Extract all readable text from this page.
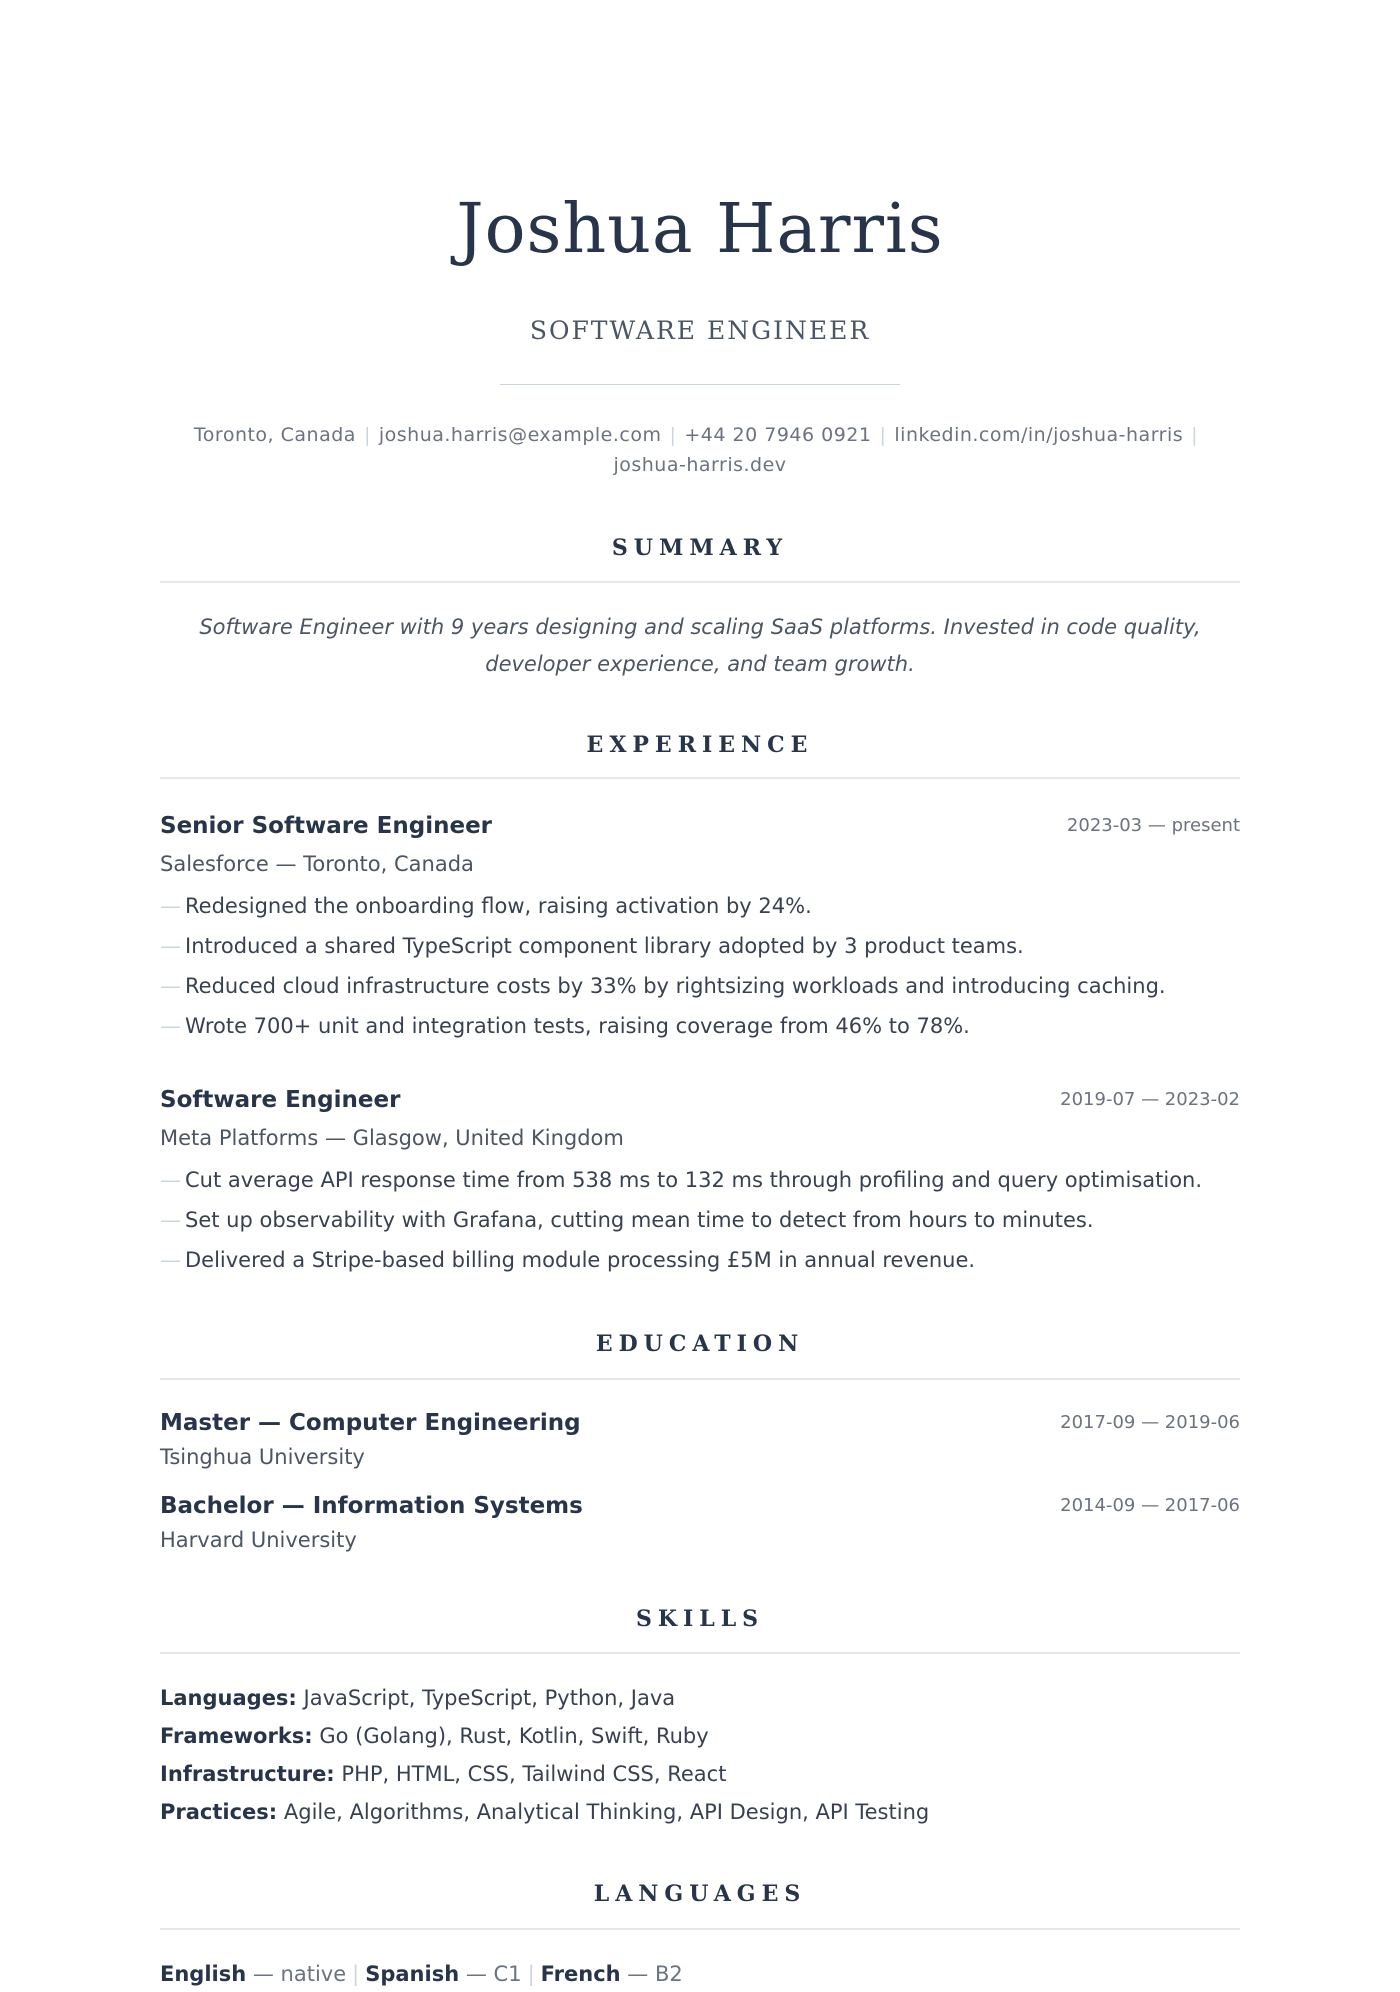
Joshua Harris
SOFTWARE ENGINEER
Toronto, Canada | joshua.harris@example.com | +44 20 7946 0921 | linkedin.com/in/joshua-harris |
joshua-harris.dev
SUMMARY
Software Engineer with 9 years designing and scaling SaaS platforms. Invested in code quality, developer experience, and team growth.
EXPERIENCE
Senior Software Engineer	2023-03 — present
Salesforce — Toronto, Canada
— Redesigned the onboarding flow, raising activation by 24%.
— Introduced a shared TypeScript component library adopted by 3 product teams.
— Reduced cloud infrastructure costs by 33% by rightsizing workloads and introducing caching.
— Wrote 700+ unit and integration tests, raising coverage from 46% to 78%.
Software Engineer	2019-07 — 2023-02
Meta Platforms — Glasgow, United Kingdom
— Cut average API response time from 538 ms to 132 ms through profiling and query optimisation.
— Set up observability with Grafana, cutting mean time to detect from hours to minutes.
— Delivered a Stripe-based billing module processing £5M in annual revenue.
EDUCATION
Master — Computer Engineering	2017-09 — 2019-06
Tsinghua University
Bachelor — Information Systems	2014-09 — 2017-06
Harvard University
SKILLS
Languages: JavaScript, TypeScript, Python, Java
Frameworks: Go (Golang), Rust, Kotlin, Swift, Ruby
Infrastructure: PHP, HTML, CSS, Tailwind CSS, React
Practices: Agile, Algorithms, Analytical Thinking, API Design, API Testing
LANGUAGES
English — native | Spanish — C1 | French — B2
